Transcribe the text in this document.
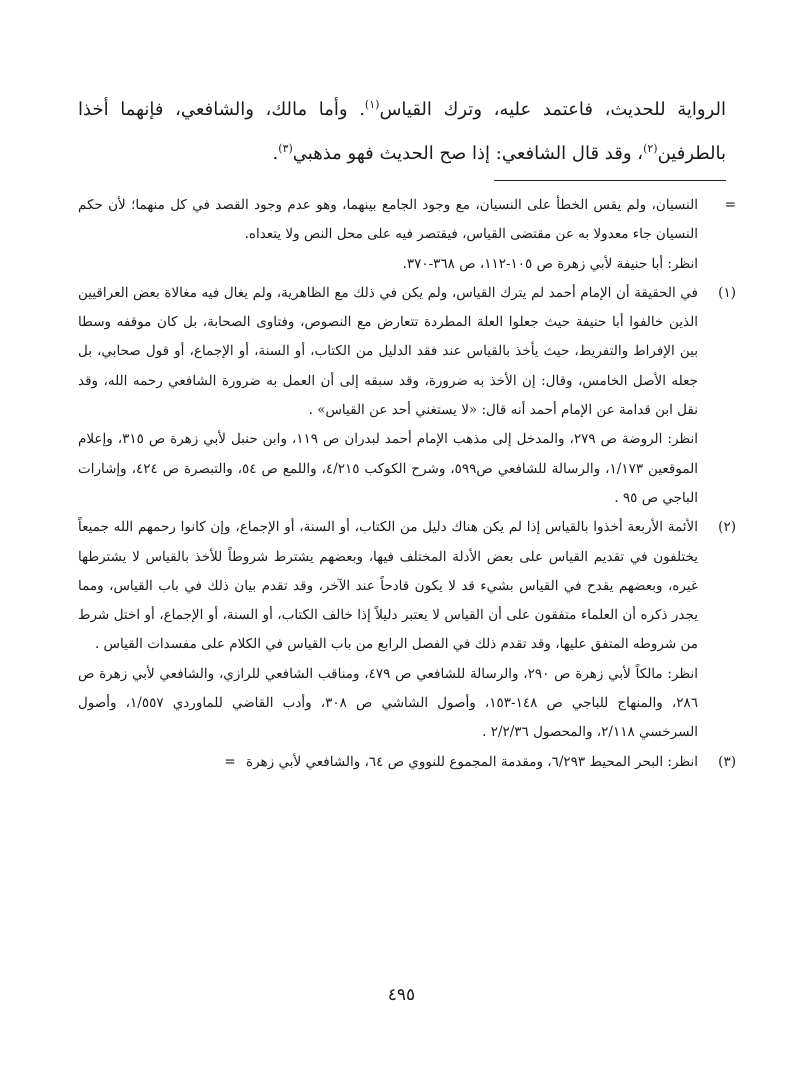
الرواية للحديث، فاعتمد عليه، وترك القياس$^{(١)}$. وأما مالك، والشافعي، فإنهما أخذا بالطرفين$^{(٢)}$، وقد قال الشافعي: إذا صح الحديث فهو مذهبي$^{(٣)}$.

=

النسيان، ولم يقس الخطأ على النسيان، مع وجود الجامع بينهما، وهو عدم وجود القصد في كل منهما؛ لأن حكم النسيان جاء معدولا به عن مقتضى القياس، فيقتصر فيه على محل النص ولا يتعداه.

انظر: أبا حنيفة لأبي زهرة ص ١٠٥-١١٢، ص ٣٦٨-٣٧٠.

(١)

في الحقيقة أن الإمام أحمد لم يترك القياس، ولم يكن في ذلك مع الظاهرية، ولم يغال فيه مغالاة بعض العراقيين الذين خالفوا أبا حنيفة حيث جعلوا العلة المطردة تتعارض مع النصوص، وفتاوى الصحابة، بل كان موقفه وسطا بين الإفراط والتفريط، حيث يأخذ بالقياس عند فقد الدليل من الكتاب، أو السنة، أو الإجماع، أو قول صحابي، بل جعله الأصل الخامس، وقال: إن الأخذ به ضرورة، وقد سبقه إلى أن العمل به ضرورة الشافعي رحمه الله، وقد نقل ابن قدامة عن الإمام أحمد أنه قال: «لا يستغني أحد عن القياس» .

انظر: الروضة ص ٢٧٩، والمدخل إلى مذهب الإمام أحمد لبدران ص ١١٩، وابن حنبل لأبي زهرة ص ٣١٥، وإعلام الموقعين ١/١٧٣، والرسالة للشافعي ص٥٩٩، وشرح الكوكب ٤/٢١٥، واللمع ص ٥٤، والتبصرة ص ٤٢٤، وإشارات الباجي ص ٩٥ .

(٢)

الأئمة الأربعة أخذوا بالقياس إذا لم يكن هناك دليل من الكتاب، أو السنة، أو الإجماع، وإن كانوا رحمهم الله جميعاً يختلفون في تقديم القياس على بعض الأدلة المختلف فيها، وبعضهم يشترط شروطاً للأخذ بالقياس لا يشترطها غيره، وبعضهم يقدح في القياس بشيء قد لا يكون قادحاً عند الآخر، وقد تقدم بيان ذلك في باب القياس، ومما يجدر ذكره أن العلماء متفقون على أن القياس لا يعتبر دليلاً إذا خالف الكتاب، أو السنة، أو الإجماع، أو اختل شرط من شروطه المتفق عليها، وقد تقدم ذلك في الفصل الرابع من باب القياس في الكلام على مفسدات القياس .

انظر: مالكاً لأبي زهرة ص ٢٩٠، والرسالة للشافعي ص ٤٧٩، ومناقب الشافعي للرازي، والشافعي لأبي زهرة ص ٢٨٦، والمنهاج للباجي ص ١٤٨-١٥٣، وأصول الشاشي ص ٣٠٨، وأدب القاضي للماوردي ١/٥٥٧، وأصول السرخسي ٢/١١٨، والمحصول ٢/٢/٣٦ .

(٣)

انظر: البحر المحيط ٦/٢٩٣، ومقدمة المجموع للنووي ص ٦٤، والشافعي لأبي زهرة =

٤٩٥
